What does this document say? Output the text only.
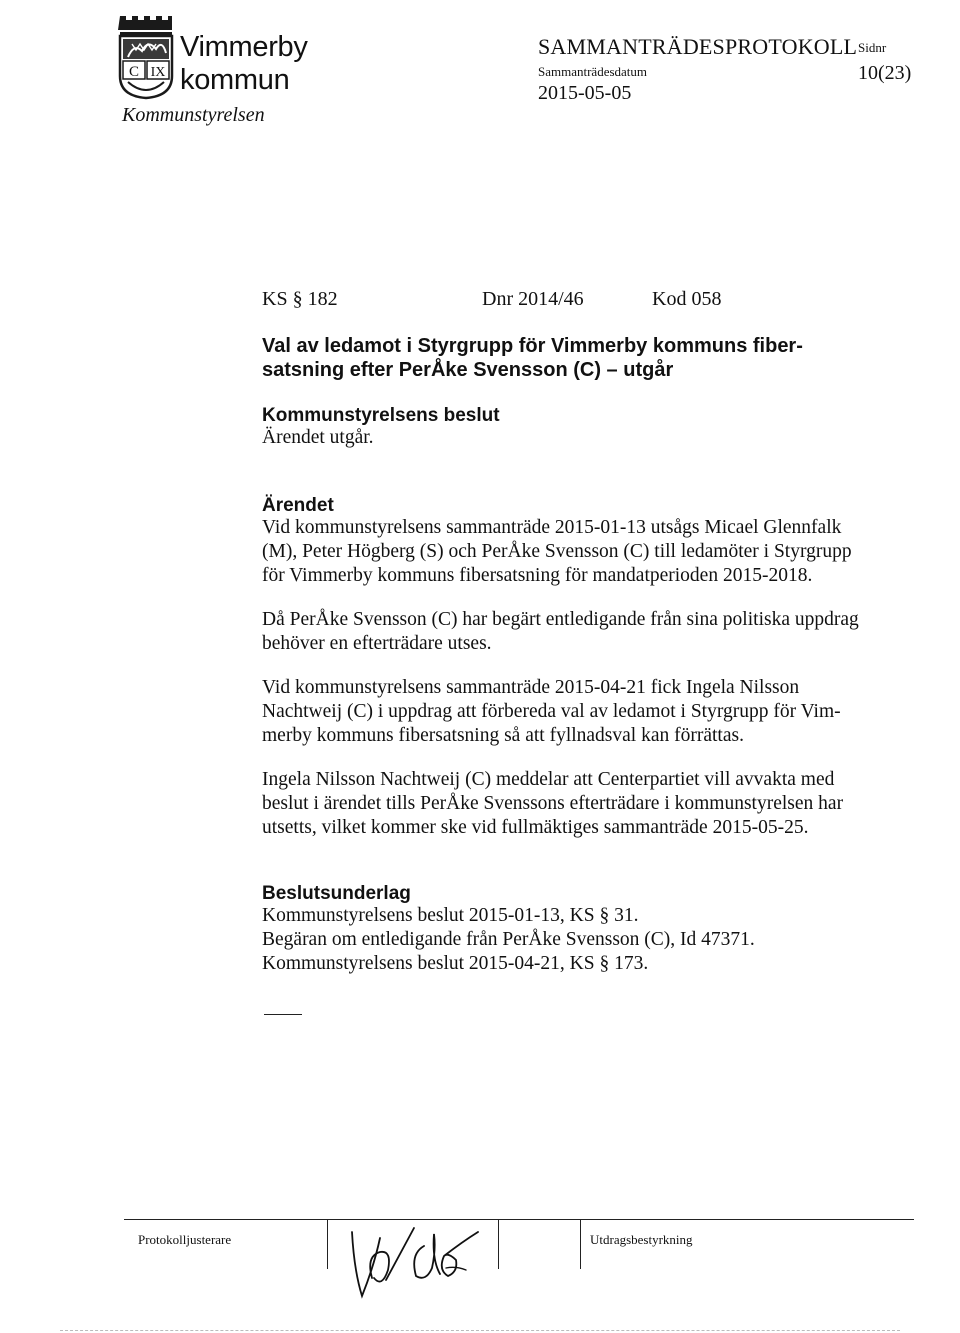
C IX
Vimmerby
kommun
Kommunstyrelsen
SAMMANTRÄDESPROTOKOLL
Sammanträdesdatum
2015-05-05
Sidnr
10(23)
KS § 182	Dnr 2014/46	Kod 058
Val av ledamot i Styrgrupp för Vimmerby kommuns fiber-
satsning efter PerÅke Svensson (C) – utgår
Kommunstyrelsens beslut

Ärendet utgår.

Ärendet
Vid kommunstyrelsens sammanträde 2015-01-13 utsågs Micael Glennfalk
(M), Peter Högberg (S) och PerÅke Svensson (C) till ledamöter i Styrgrupp
för Vimmerby kommuns fibersatsning för mandatperioden 2015-2018.
Då PerÅke Svensson (C) har begärt entledigande från sina politiska uppdrag
behöver en efterträdare utses.
Vid kommunstyrelsens sammanträde 2015-04-21 fick Ingela Nilsson
Nachtweij (C) i uppdrag att förbereda val av ledamot i Styrgrupp för Vim-
merby kommuns fibersatsning så att fyllnadsval kan förrättas.
Ingela Nilsson Nachtweij (C) meddelar att Centerpartiet vill avvakta med
beslut i ärendet tills PerÅke Svenssons efterträdare i kommunstyrelsen har
utsetts, vilket kommer ske vid fullmäktiges sammanträde 2015-05-25.
Beslutsunderlag
Kommunstyrelsens beslut 2015-01-13, KS § 31.
Begäran om entledigande från PerÅke Svensson (C), Id 47371.
Kommunstyrelsens beslut 2015-04-21, KS § 173.
Protokolljusterare	Utdragsbestyrkning
